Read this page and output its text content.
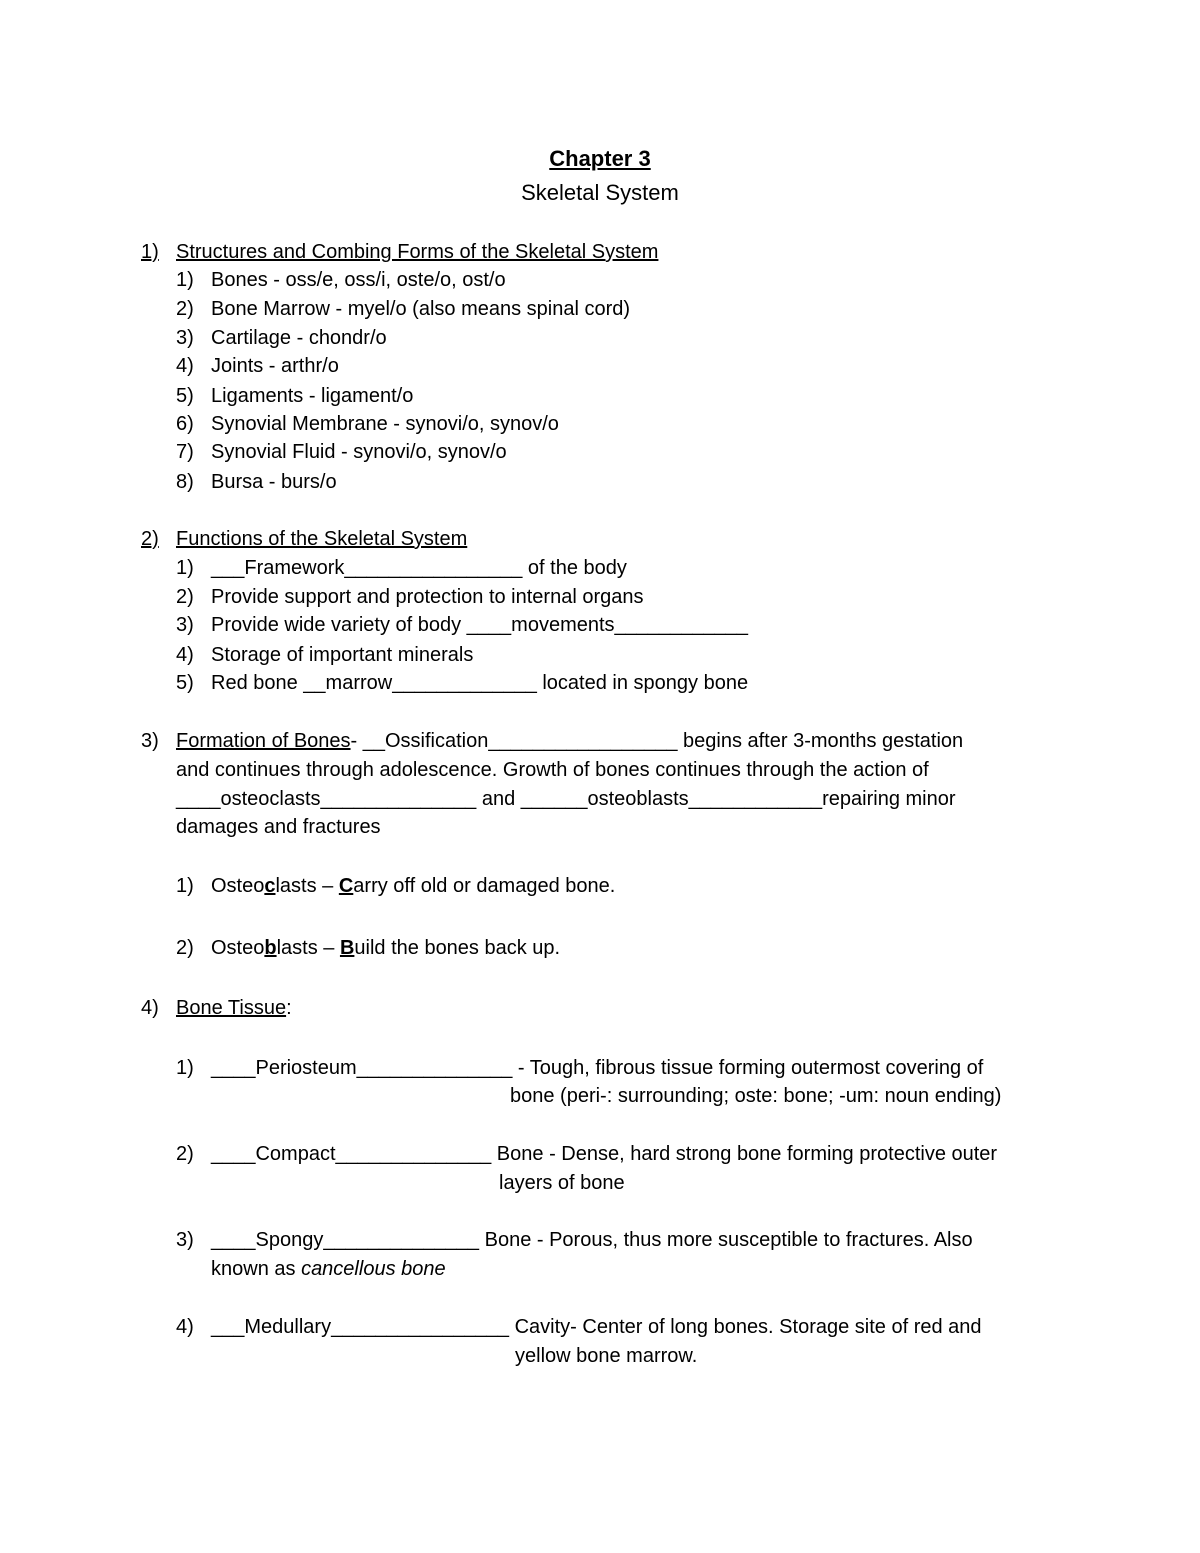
Chapter 3
Skeletal System
1) Structures and Combing Forms of the Skeletal System
1) Bones - oss/e, oss/i, oste/o, ost/o
2) Bone Marrow - myel/o (also means spinal cord)
3) Cartilage - chondr/o
4) Joints - arthr/o
5) Ligaments - ligament/o
6) Synovial Membrane - synovi/o, synov/o
7) Synovial Fluid - synovi/o, synov/o
8) Bursa - burs/o
2) Functions of the Skeletal System
1) ___Framework________________ of the body
2) Provide support and protection to internal organs
3) Provide wide variety of body ____movements____________
4) Storage of important minerals
5) Red bone __marrow_____________ located in spongy bone
3) Formation of Bones- __Ossification_________________ begins after 3-months gestation
and continues through adolescence. Growth of bones continues through the action of
____osteoclasts______________ and ______osteoblasts____________repairing minor
damages and fractures
1) Osteoclasts – Carry off old or damaged bone.
2) Osteoblasts – Build the bones back up.
4) Bone Tissue:
1) ____Periosteum______________ - Tough, fibrous tissue forming outermost covering of
bone (peri-: surrounding; oste: bone; -um: noun ending)
2) ____Compact______________ Bone - Dense, hard strong bone forming protective outer
layers of bone
3) ____Spongy______________ Bone - Porous, thus more susceptible to fractures. Also
known as cancellous bone
4) ___Medullary________________ Cavity- Center of long bones. Storage site of red and
yellow bone marrow.
